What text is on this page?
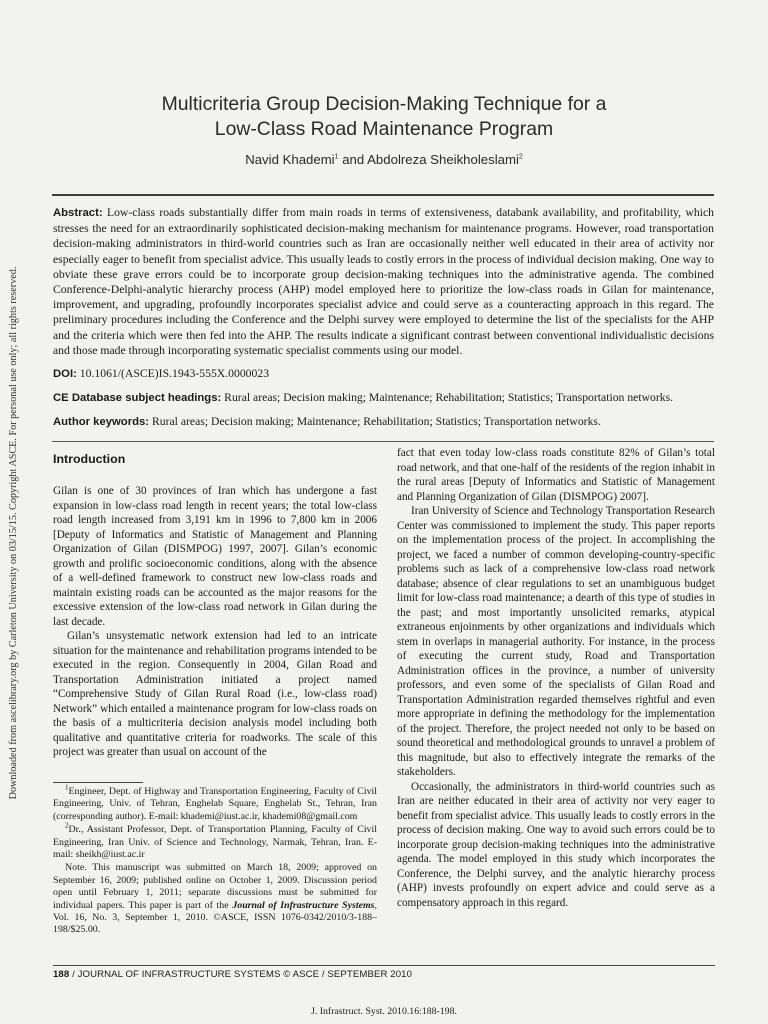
Downloaded from ascelibrary.org by Carleton University on 03/15/15. Copyright ASCE. For personal use only; all rights reserved.
Multicriteria Group Decision-Making Technique for a
Low-Class Road Maintenance Program
Navid Khademi$^1$ and Abdolreza Sheikholeslami$^2$
Abstract: Low-class roads substantially differ from main roads in terms of extensiveness, databank availability, and profitability, which stresses the need for an extraordinarily sophisticated decision-making mechanism for maintenance programs. However, road transportation decision-making administrators in third-world countries such as Iran are occasionally neither well educated in their area of activity nor especially eager to benefit from specialist advice. This usually leads to costly errors in the process of individual decision making. One way to obviate these grave errors could be to incorporate group decision-making techniques into the administrative agenda. The combined Conference-Delphi-analytic hierarchy process (AHP) model employed here to prioritize the low-class roads in Gilan for maintenance, improvement, and upgrading, profoundly incorporates specialist advice and could serve as a counteracting approach in this regard. The preliminary procedures including the Conference and the Delphi survey were employed to determine the list of the specialists for the AHP and the criteria which were then fed into the AHP. The results indicate a significant contrast between conventional individualistic decisions and those made through incorporating systematic specialist comments using our model.
DOI: 10.1061/(ASCE)IS.1943-555X.0000023
CE Database subject headings: Rural areas; Decision making; Maintenance; Rehabilitation; Statistics; Transportation networks.
Author keywords: Rural areas; Decision making; Maintenance; Rehabilitation; Statistics; Transportation networks.
Introduction

Gilan is one of 30 provinces of Iran which has undergone a fast expansion in low-class road length in recent years; the total low-class road length increased from 3,191 km in 1996 to 7,800 km in 2006 [Deputy of Informatics and Statistic of Management and Planning Organization of Gilan (DISMPOG) 1997, 2007]. Gilan’s economic growth and prolific socioeconomic conditions, along with the absence of a well-defined framework to construct new low-class roads and maintain existing roads can be accounted as the major reasons for the excessive extension of the low-class road network in Gilan during the last decade.

Gilan’s unsystematic network extension had led to an intricate situation for the maintenance and rehabilitation programs intended to be executed in the region. Consequently in 2004, Gilan Road and Transportation Administration initiated a project named “Comprehensive Study of Gilan Rural Road (i.e., low-class road) Network” which entailed a maintenance program for low-class roads on the basis of a multicriteria decision analysis model including both qualitative and quantitative criteria for roadworks. The scale of this project was greater than usual on account of the

$^1$Engineer, Dept. of Highway and Transportation Engineering, Faculty of Civil Engineering, Univ. of Tehran, Enghelab Square, Enghelab St., Tehran, Iran (corresponding author). E-mail: khademi@iust.ac.ir, khademi08@gmail.com

$^2$Dr., Assistant Professor, Dept. of Transportation Planning, Faculty of Civil Engineering, Iran Univ. of Science and Technology, Narmak, Tehran, Iran. E-mail: sheikh@iust.ac.ir

Note. This manuscript was submitted on March 18, 2009; approved on September 16, 2009; published online on October 1, 2009. Discussion period open until February 1, 2011; separate discussions must be submitted for individual papers. This paper is part of the Journal of Infrastructure Systems, Vol. 16, No. 3, September 1, 2010. ©ASCE, ISSN 1076-0342/2010/3-188–198/$25.00.

fact that even today low-class roads constitute 82% of Gilan’s total road network, and that one-half of the residents of the region inhabit in the rural areas [Deputy of Informatics and Statistic of Management and Planning Organization of Gilan (DISMPOG) 2007].

Iran University of Science and Technology Transportation Research Center was commissioned to implement the study. This paper reports on the implementation process of the project. In accomplishing the project, we faced a number of common developing-country-specific problems such as lack of a comprehensive low-class road network database; absence of clear regulations to set an unambiguous budget limit for low-class road maintenance; a dearth of this type of studies in the past; and most importantly unsolicited remarks, atypical extraneous enjoinments by other organizations and individuals which stem in overlaps in managerial authority. For instance, in the process of executing the current study, Road and Transportation Administration offices in the province, a number of university professors, and even some of the specialists of Gilan Road and Transportation Administration regarded themselves rightful and even more appropriate in defining the methodology for the implementation of the project. Therefore, the project needed not only to be based on sound theoretical and methodological grounds to unravel a problem of this magnitude, but also to effectively integrate the remarks of the stakeholders.

Occasionally, the administrators in third-world countries such as Iran are neither educated in their area of activity nor very eager to benefit from specialist advice. This usually leads to costly errors in the process of decision making. One way to avoid such errors could be to incorporate group decision-making techniques into the administrative agenda. The model employed in this study which incorporates the Conference, the Delphi survey, and the analytic hierarchy process (AHP) invests profoundly on expert advice and could serve as a compensatory approach in this regard.

188 / JOURNAL OF INFRASTRUCTURE SYSTEMS © ASCE / SEPTEMBER 2010
J. Infrastruct. Syst. 2010.16:188-198.
